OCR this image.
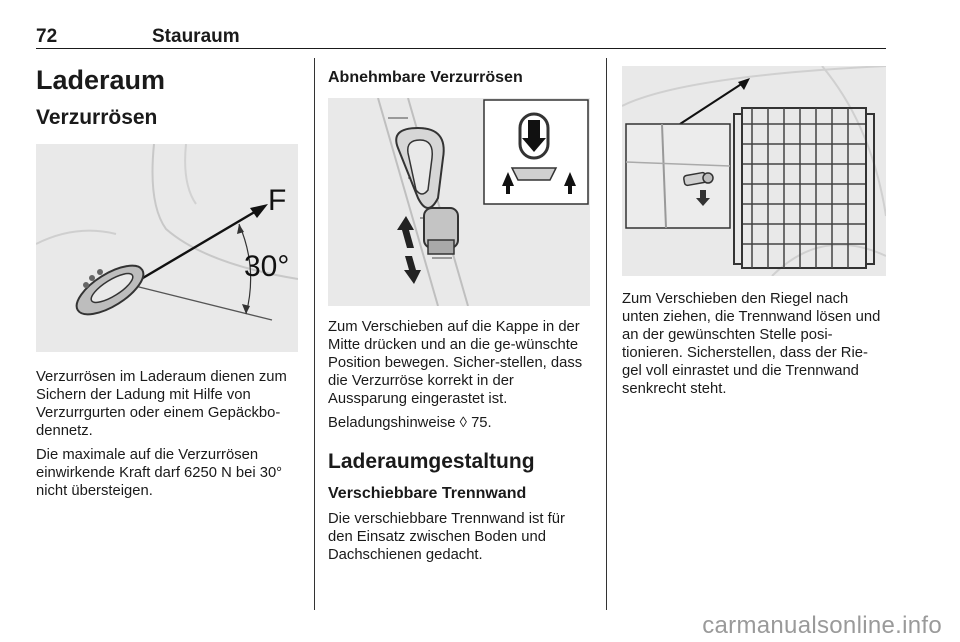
72	Stauraum
Laderaum
Verzurrösen
F
30°

Verzurrösen im Laderaum dienen zum Sichern der Ladung mit Hilfe von Verzurrgurten oder einem Gepäckbo-dennetz.

Die maximale auf die Verzurrösen einwirkende Kraft darf 6250 N bei 30° nicht übersteigen.

Abnehmbare Verzurrösen

Zum Verschieben auf die Kappe in der Mitte drücken und an die ge-wünschte Position bewegen. Sicher-stellen, dass die Verzurröse korrekt in der Aussparung eingerastet ist.

Beladungshinweise ◊ 75.

Laderaumgestaltung
Verschiebbare Trennwand

Die verschiebbare Trennwand ist für den Einsatz zwischen Boden und Dachschienen gedacht.

Zum Verschieben den Riegel nach unten ziehen, die Trennwand lösen und an der gewünschten Stelle posi-tionieren. Sicherstellen, dass der Rie-gel voll einrastet und die Trennwand senkrecht steht.

carmanualsonline.info
